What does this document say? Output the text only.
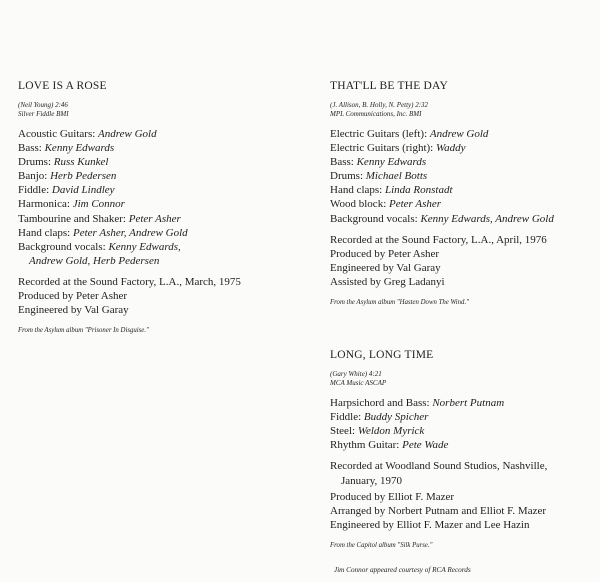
LOVE IS A ROSE
(Neil Young) 2:46
Silver Fiddle BMI

Acoustic Guitars: Andrew Gold

Bass: Kenny Edwards

Drums: Russ Kunkel

Banjo: Herb Pedersen

Fiddle: David Lindley

Harmonica: Jim Connor

Tambourine and Shaker: Peter Asher

Hand claps: Peter Asher, Andrew Gold

Background vocals: Kenny Edwards,

Andrew Gold, Herb Pedersen

Recorded at the Sound Factory, L.A., March, 1975

Produced by Peter Asher

Engineered by Val Garay

From the Asylum album "Prisoner In Disguise."
THAT'LL BE THE DAY
(J. Allison, B. Holly, N. Petty) 2:32
MPL Communications, Inc. BMI

Electric Guitars (left): Andrew Gold

Electric Guitars (right): Waddy

Bass: Kenny Edwards

Drums: Michael Botts

Hand claps: Linda Ronstadt

Wood block: Peter Asher

Background vocals: Kenny Edwards, Andrew Gold

Recorded at the Sound Factory, L.A., April, 1976

Produced by Peter Asher

Engineered by Val Garay

Assisted by Greg Ladanyi

From the Asylum album "Hasten Down The Wind."
LONG, LONG TIME
(Gary White) 4:21
MCA Music ASCAP

Harpsichord and Bass: Norbert Putnam

Fiddle: Buddy Spicher

Steel: Weldon Myrick

Rhythm Guitar: Pete Wade

Recorded at Woodland Sound Studios, Nashville,
January, 1970

Produced by Elliot F. Mazer

Arranged by Norbert Putnam and Elliot F. Mazer

Engineered by Elliot F. Mazer and Lee Hazin

From the Capitol album "Silk Purse."
Jim Connor appeared courtesy of RCA Records
